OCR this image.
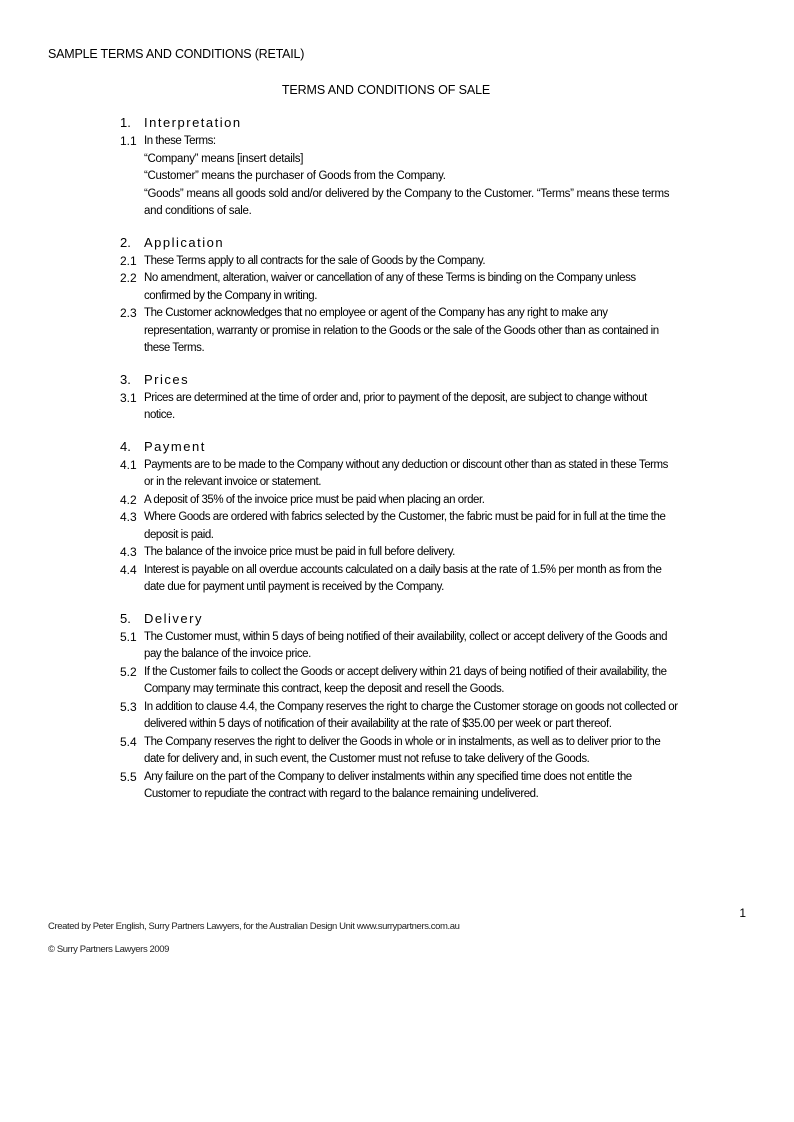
SAMPLE TERMS AND CONDITIONS (RETAIL)
TERMS AND CONDITIONS OF SALE
1. Interpretation
1.1 In these Terms:
“Company” means [insert details]
“Customer” means the purchaser of Goods from the Company.
“Goods” means all goods sold and/or delivered by the Company to the Customer. “Terms” means these terms and conditions of sale.
2. Application
2.1 These Terms apply to all contracts for the sale of Goods by the Company.
2.2 No amendment, alteration, waiver or cancellation of any of these Terms is binding on the Company unless confirmed by the Company in writing.
2.3 The Customer acknowledges that no employee or agent of the Company has any right to make any representation, warranty or promise in relation to the Goods or the sale of the Goods other than as contained in these Terms.
3. Prices
3.1 Prices are determined at the time of order and, prior to payment of the deposit, are subject to change without notice.
4. Payment
4.1 Payments are to be made to the Company without any deduction or discount other than as stated in these Terms or in the relevant invoice or statement.
4.2 A deposit of 35% of the invoice price must be paid when placing an order.
4.3 Where Goods are ordered with fabrics selected by the Customer, the fabric must be paid for in full at the time the deposit is paid.
4.3 The balance of the invoice price must be paid in full before delivery.
4.4 Interest is payable on all overdue accounts calculated on a daily basis at the rate of 1.5% per month as from the date due for payment until payment is received by the Company.
5. Delivery
5.1 The Customer must, within 5 days of being notified of their availability, collect or accept delivery of the Goods and pay the balance of the invoice price.
5.2 If the Customer fails to collect the Goods or accept delivery within 21 days of being notified of their availability, the Company may terminate this contract, keep the deposit and resell the Goods.
5.3 In addition to clause 4.4, the Company reserves the right to charge the Customer storage on goods not collected or delivered within 5 days of notification of their availability at the rate of $35.00 per week or part thereof.
5.4 The Company reserves the right to deliver the Goods in whole or in instalments, as well as to deliver prior to the date for delivery and, in such event, the Customer must not refuse to take delivery of the Goods.
5.5 Any failure on the part of the Company to deliver instalments within any specified time does not entitle the Customer to repudiate the contract with regard to the balance remaining undelivered.
1
Created by Peter English, Surry Partners Lawyers, for the Australian Design Unit www.surrypartners.com.au
© Surry Partners Lawyers 2009
